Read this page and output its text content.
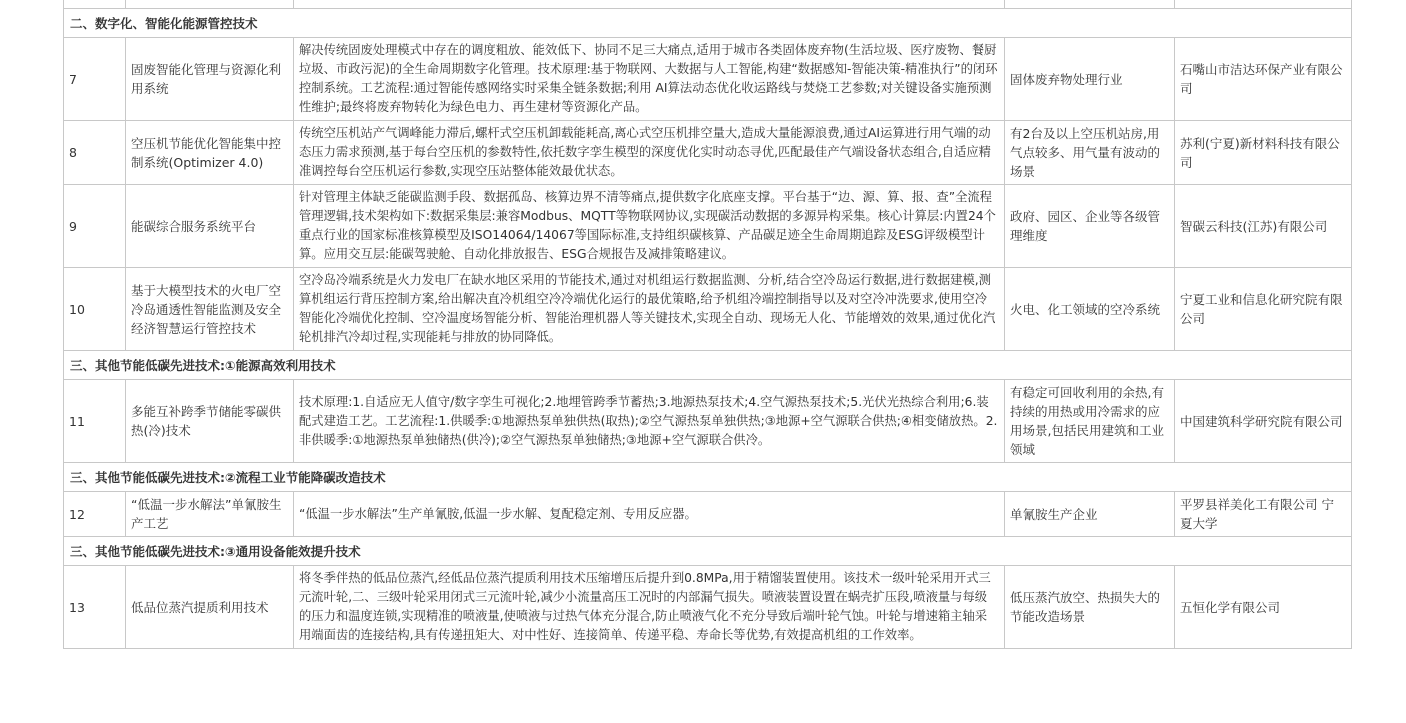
二、数字化、智能化能源管控技术				
7	固废智能化管理与资源化利用系统	解决传统固废处理模式中存在的调度粗放、能效低下、协同不足三大痛点,适用于城市各类固体废弃物(生活垃圾、医疗废物、餐厨垃圾、市政污泥)的全生命周期数字化管理。技术原理:基于物联网、大数据与人工智能,构建“数据感知-智能决策-精准执行”的闭环控制系统。工艺流程:通过智能传感网络实时采集全链条数据;利用 AI算法动态优化收运路线与焚烧工艺参数;对关键设备实施预测性维护;最终将废弃物转化为绿色电力、再生建材等资源化产品。	固体废弃物处理行业	石嘴山市洁达环保产业有限公司
8	空压机节能优化智能集中控制系统(Optimizer 4.0)	传统空压机站产气调峰能力滞后,螺杆式空压机卸载能耗高,离心式空压机排空量大,造成大量能源浪费,通过AI运算进行用气端的动态压力需求预测,基于每台空压机的参数特性,依托数字孪生模型的深度优化实时动态寻优,匹配最佳产气端设备状态组合,自适应精准调控每台空压机运行参数,实现空压站整体能效最优状态。	有2台及以上空压机站房,用气点较多、用气量有波动的场景	苏利(宁夏)新材料科技有限公司
9	能碳综合服务系统平台	针对管理主体缺乏能碳监测手段、数据孤岛、核算边界不清等痛点,提供数字化底座支撑。平台基于“边、源、算、报、查”全流程管理逻辑,技术架构如下:数据采集层:兼容Modbus、MQTT等物联网协议,实现碳活动数据的多源异构采集。核心计算层:内置24个重点行业的国家标准核算模型及ISO14064/14067等国际标准,支持组织碳核算、产品碳足迹全生命周期追踪及ESG评级模型计算。应用交互层:能碳驾驶舱、自动化排放报告、ESG合规报告及减排策略建议。	政府、园区、企业等各级管理维度	智碳云科技(江苏)有限公司
10	基于大模型技术的火电厂空冷岛通透性智能监测及安全经济智慧运行管控技术	空冷岛冷端系统是火力发电厂在缺水地区采用的节能技术,通过对机组运行数据监测、分析,结合空冷岛运行数据,进行数据建模,测算机组运行背压控制方案,给出解决直冷机组空冷冷端优化运行的最优策略,给予机组冷端控制指导以及对空冷冲洗要求,使用空冷智能化冷端优化控制、空冷温度场智能分析、智能治理机器人等关键技术,实现全自动、现场无人化、节能增效的效果,通过优化汽轮机排汽冷却过程,实现能耗与排放的协同降低。	火电、化工领域的空冷系统	宁夏工业和信息化研究院有限公司
三、其他节能低碳先进技术:①能源高效利用技术				
11	多能互补跨季节储能零碳供热(冷)技术	技术原理:1.自适应无人值守/数字孪生可视化;2.地埋管跨季节蓄热;3.地源热泵技术;4.空气源热泵技术;5.光伏光热综合利用;6.装配式建造工艺。工艺流程:1.供暖季:①地源热泵单独供热(取热);②空气源热泵单独供热;③地源+空气源联合供热;④相变储放热。2.非供暖季:①地源热泵单独储热(供冷);②空气源热泵单独储热;③地源+空气源联合供冷。	有稳定可回收利用的余热,有持续的用热或用冷需求的应用场景,包括民用建筑和工业领域	中国建筑科学研究院有限公司
三、其他节能低碳先进技术:②流程工业节能降碳改造技术				
12	“低温一步水解法”单氰胺生产工艺	“低温一步水解法”生产单氰胺,低温一步水解、复配稳定剂、专用反应器。	单氰胺生产企业	平罗县祥美化工有限公司 宁夏大学
三、其他节能低碳先进技术:③通用设备能效提升技术				
13	低品位蒸汽提质利用技术	将冬季伴热的低品位蒸汽,经低品位蒸汽提质利用技术压缩增压后提升到0.8MPa,用于精馏装置使用。该技术一级叶轮采用开式三元流叶轮,二、三级叶轮采用闭式三元流叶轮,减少小流量高压工况时的内部漏气损失。喷液装置设置在蜗壳扩压段,喷液量与每级的压力和温度连锁,实现精准的喷液量,使喷液与过热气体充分混合,防止喷液气化不充分导致后端叶轮气蚀。叶轮与增速箱主轴采用端面齿的连接结构,具有传递扭矩大、对中性好、连接简单、传递平稳、寿命长等优势,有效提高机组的工作效率。	低压蒸汽放空、热损失大的节能改造场景	五恒化学有限公司
